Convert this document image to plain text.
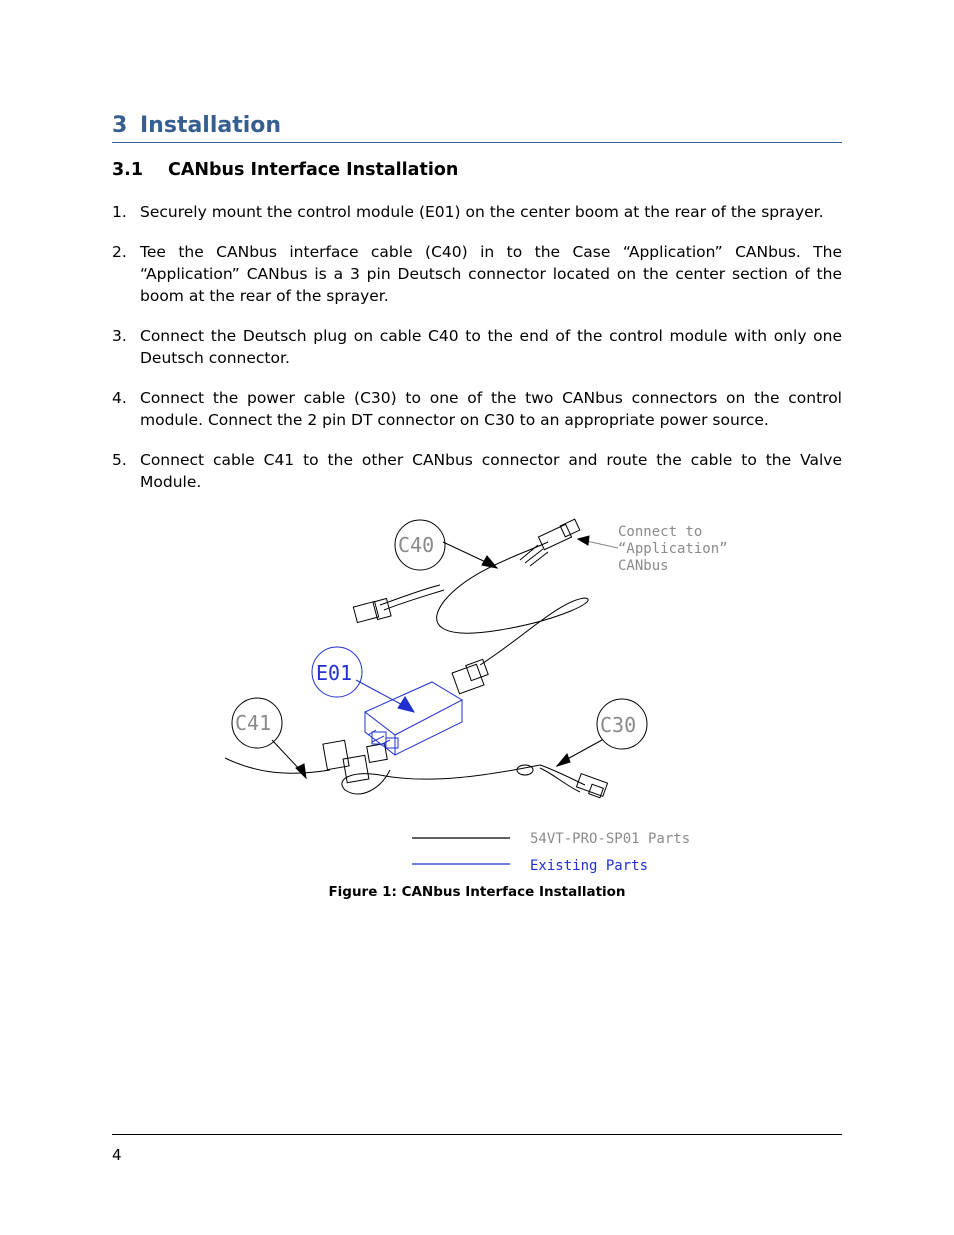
3 Installation
3.1 CANbus Interface Installation
1. Securely mount the control module (E01) on the center boom at the rear of the sprayer.
2. Tee the CANbus interface cable (C40) in to the Case “Application” CANbus. The “Application” CANbus is a 3 pin Deutsch connector located on the center section of the boom at the rear of the sprayer.
3. Connect the Deutsch plug on cable C40 to the end of the control module with only one Deutsch connector.
4. Connect the power cable (C30) to one of the two CANbus connectors on the control module. Connect the 2 pin DT connector on C30 to an appropriate power source.
5. Connect cable C41 to the other CANbus connector and route the cable to the Valve Module.
C40
E01
C41	C30
Connect to
“Application”
CANbus
54VT-PRO-SP01 Parts
Existing Parts
Figure 1: CANbus Interface Installation
4
